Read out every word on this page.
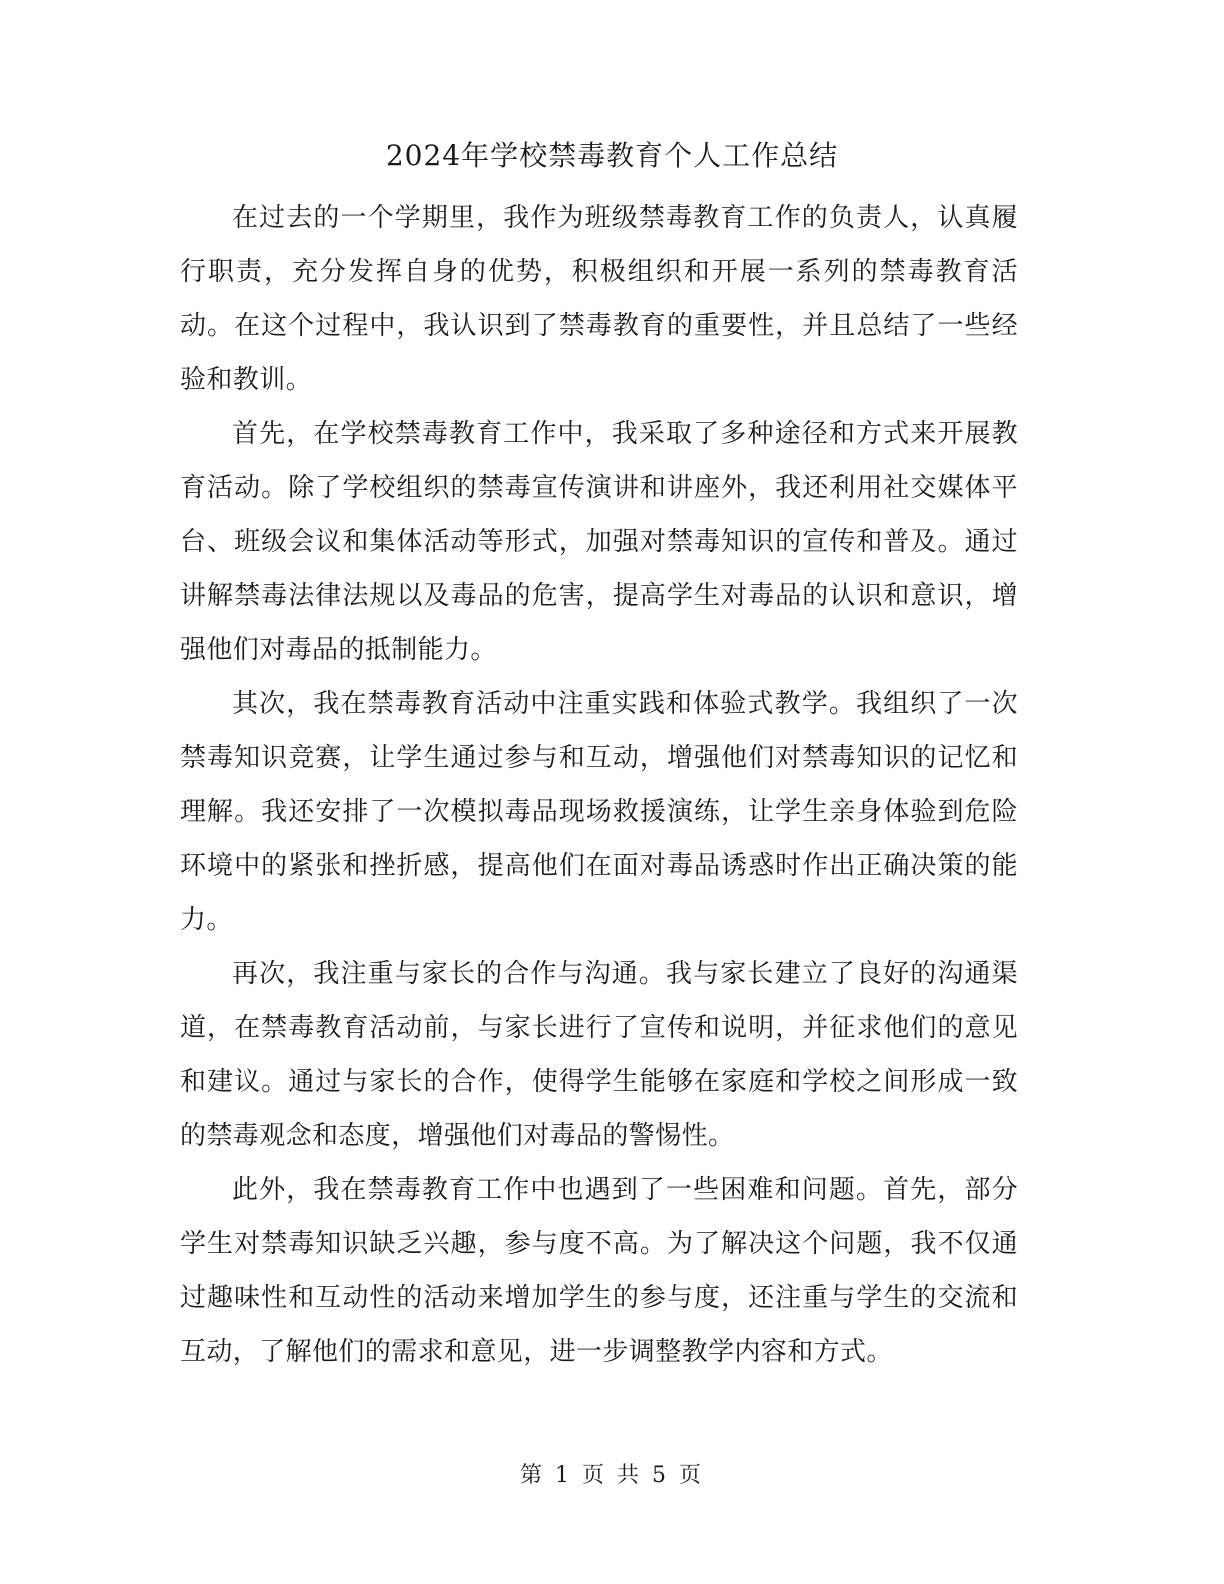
2024年学校禁毒教育个人工作总结

在过去的一个学期里，我作为班级禁毒教育工作的负责人，认真履行职责，充分发挥自身的优势，积极组织和开展一系列的禁毒教育活动。在这个过程中，我认识到了禁毒教育的重要性，并且总结了一些经验和教训。

首先，在学校禁毒教育工作中，我采取了多种途径和方式来开展教育活动。除了学校组织的禁毒宣传演讲和讲座外，我还利用社交媒体平台、班级会议和集体活动等形式，加强对禁毒知识的宣传和普及。通过讲解禁毒法律法规以及毒品的危害，提高学生对毒品的认识和意识，增强他们对毒品的抵制能力。

其次，我在禁毒教育活动中注重实践和体验式教学。我组织了一次禁毒知识竞赛，让学生通过参与和互动，增强他们对禁毒知识的记忆和理解。我还安排了一次模拟毒品现场救援演练，让学生亲身体验到危险环境中的紧张和挫折感，提高他们在面对毒品诱惑时作出正确决策的能力。

再次，我注重与家长的合作与沟通。我与家长建立了良好的沟通渠道，在禁毒教育活动前，与家长进行了宣传和说明，并征求他们的意见和建议。通过与家长的合作，使得学生能够在家庭和学校之间形成一致的禁毒观念和态度，增强他们对毒品的警惕性。

此外，我在禁毒教育工作中也遇到了一些困难和问题。首先，部分学生对禁毒知识缺乏兴趣，参与度不高。为了解决这个问题，我不仅通过趣味性和互动性的活动来增加学生的参与度，还注重与学生的交流和互动，了解他们的需求和意见，进一步调整教学内容和方式。

第 1 页 共 5 页
